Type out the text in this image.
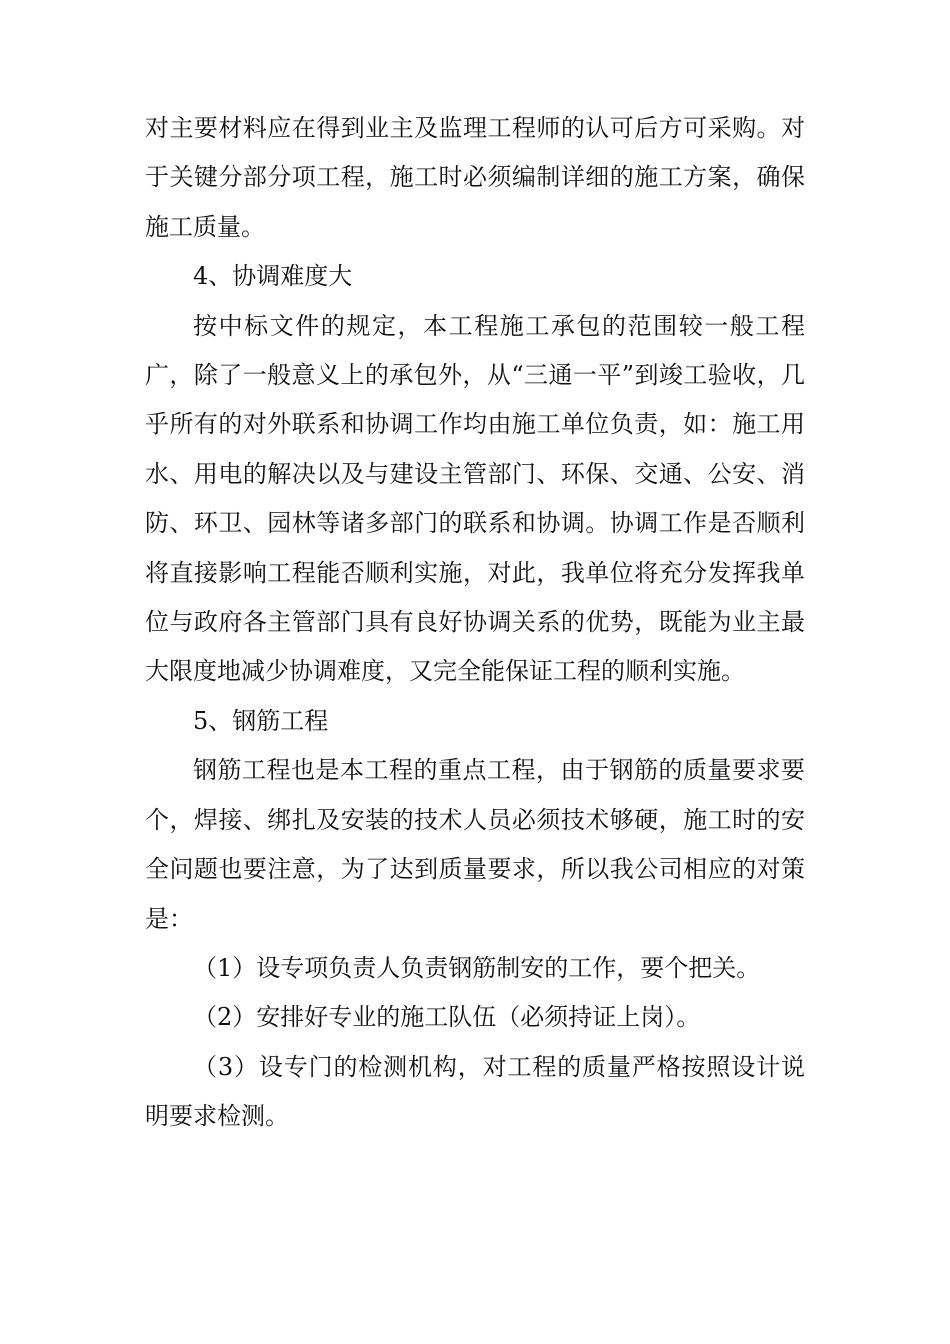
对主要材料应在得到业主及监理工程师的认可后方可采购。对于关键分部分项工程，施工时必须编制详细的施工方案，确保施工质量。

4、协调难度大

按中标文件的规定，本工程施工承包的范围较一般工程广，除了一般意义上的承包外，从“三通一平”到竣工验收，几乎所有的对外联系和协调工作均由施工单位负责，如：施工用水、用电的解决以及与建设主管部门、环保、交通、公安、消防、环卫、园林等诸多部门的联系和协调。协调工作是否顺利将直接影响工程能否顺利实施，对此，我单位将充分发挥我单位与政府各主管部门具有良好协调关系的优势，既能为业主最大限度地减少协调难度，又完全能保证工程的顺利实施。

5、钢筋工程

钢筋工程也是本工程的重点工程，由于钢筋的质量要求要个，焊接、绑扎及安装的技术人员必须技术够硬，施工时的安全问题也要注意，为了达到质量要求，所以我公司相应的对策是：

（1）设专项负责人负责钢筋制安的工作，要个把关。

（2）安排好专业的施工队伍（必须持证上岗）。

（3）设专门的检测机构，对工程的质量严格按照设计说明要求检测。
